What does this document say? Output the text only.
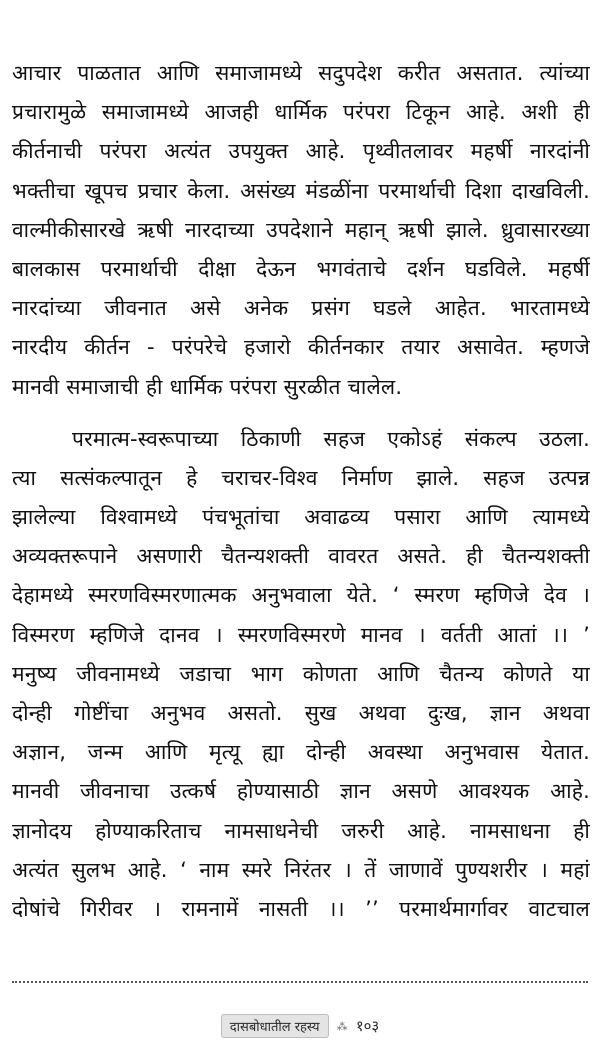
आचार पाळतात आणि समाजामध्ये सदुपदेश करीत असतात. त्यांच्या
प्रचारामुळे समाजामध्ये आजही धार्मिक परंपरा टिकून आहे. अशी ही
कीर्तनाची परंपरा अत्यंत उपयुक्त आहे. पृथ्वीतलावर महर्षी नारदांनी
भक्तीचा खूपच प्रचार केला. असंख्य मंडळींना परमार्थाची दिशा दाखविली.
वाल्मीकीसारखे ऋषी नारदाच्या उपदेशाने महान् ऋषी झाले. ध्रुवासारख्या
बालकास परमार्थाची दीक्षा देऊन भगवंताचे दर्शन घडविले. महर्षी
नारदांच्या जीवनात असे अनेक प्रसंग घडले आहेत. भारतामध्ये
नारदीय कीर्तन - परंपरेचे हजारो कीर्तनकार तयार असावेत. म्हणजे
मानवी समाजाची ही धार्मिक परंपरा सुरळीत चालेल.
परमात्म-स्वरूपाच्या ठिकाणी सहज एकोऽहं संकल्प उठला.
त्या सत्संकल्पातून हे चराचर-विश्व निर्माण झाले. सहज उत्पन्न
झालेल्या विश्वामध्ये पंचभूतांचा अवाढव्य पसारा आणि त्यामध्ये
अव्यक्तरूपाने असणारी चैतन्यशक्ती वावरत असते. ही चैतन्यशक्ती
देहामध्ये स्मरणविस्मरणात्मक अनुभवाला येते. ‘ स्मरण म्हणिजे देव ।
विस्मरण म्हणिजे दानव । स्मरणविस्मरणे मानव । वर्तती आतां ।। ’
मनुष्य जीवनामध्ये जडाचा भाग कोणता आणि चैतन्य कोणते या
दोन्ही गोष्टींचा अनुभव असतो. सुख अथवा दुःख, ज्ञान अथवा
अज्ञान, जन्म आणि मृत्यू ह्या दोन्ही अवस्था अनुभवास येतात.
मानवी जीवनाचा उत्कर्ष होण्यासाठी ज्ञान असणे आवश्यक आहे.
ज्ञानोदय होण्याकरिताच नामसाधनेची जरुरी आहे. नामसाधना ही
अत्यंत सुलभ आहे. ‘ नाम स्मरे निरंतर । तें जाणावें पुण्यशरीर । महां
दोषांचे गिरीवर । रामनामें नासती ।। ’’ परमार्थमार्गावर वाटचाल
दासबोधातील रहस्य ⁂ १०३
